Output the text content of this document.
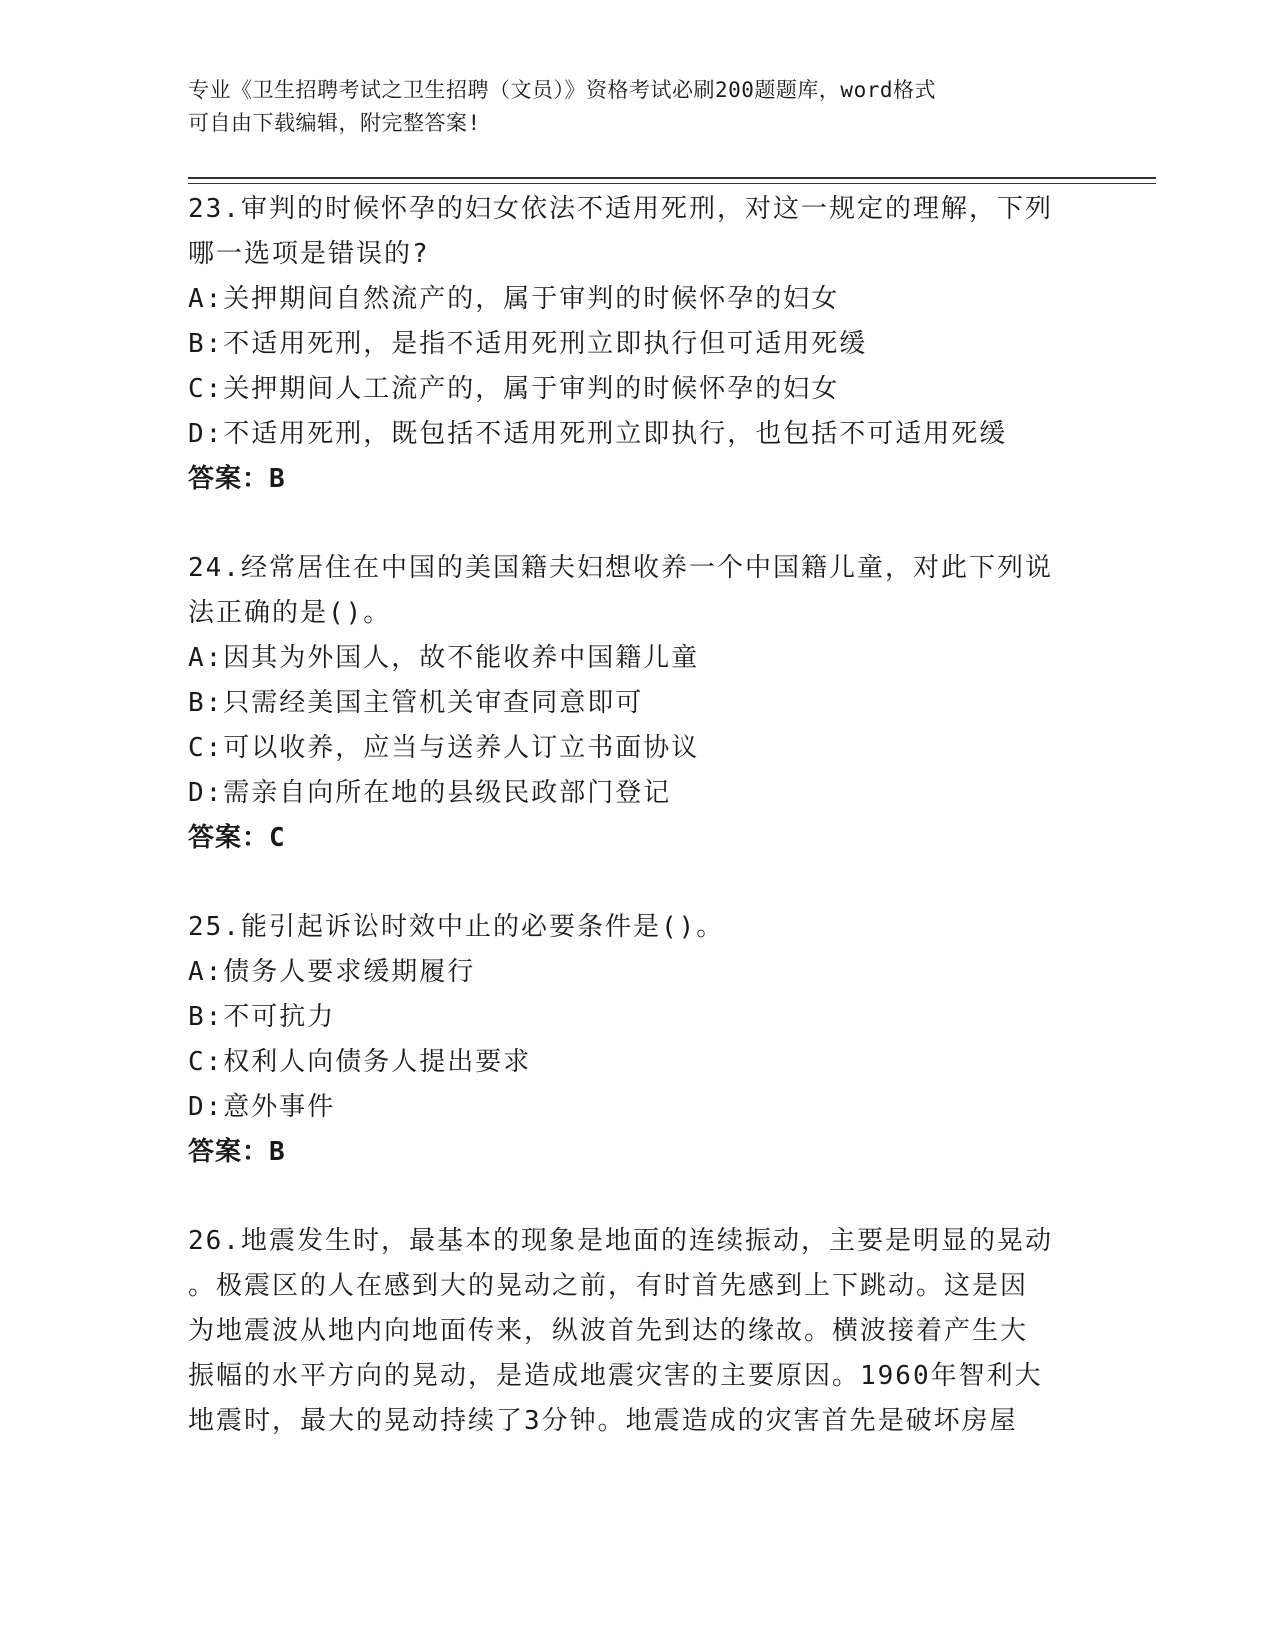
专业《卫生招聘考试之卫生招聘（文员）》资格考试必刷200题题库，word格式
可自由下载编辑，附完整答案!

23.审判的时候怀孕的妇女依法不适用死刑，对这一规定的理解，下列
哪一选项是错误的?

A:关押期间自然流产的，属于审判的时候怀孕的妇女

B:不适用死刑，是指不适用死刑立即执行但可适用死缓

C:关押期间人工流产的，属于审判的时候怀孕的妇女

D:不适用死刑，既包括不适用死刑立即执行，也包括不可适用死缓

答案：B

24.经常居住在中国的美国籍夫妇想收养一个中国籍儿童，对此下列说
法正确的是()。

A:因其为外国人，故不能收养中国籍儿童

B:只需经美国主管机关审查同意即可

C:可以收养，应当与送养人订立书面协议

D:需亲自向所在地的县级民政部门登记

答案：C

25.能引起诉讼时效中止的必要条件是()。

A:债务人要求缓期履行

B:不可抗力

C:权利人向债务人提出要求

D:意外事件

答案：B

26.地震发生时，最基本的现象是地面的连续振动，主要是明显的晃动
。极震区的人在感到大的晃动之前，有时首先感到上下跳动。这是因
为地震波从地内向地面传来，纵波首先到达的缘故。横波接着产生大
振幅的水平方向的晃动，是造成地震灾害的主要原因。1960年智利大
地震时，最大的晃动持续了3分钟。地震造成的灾害首先是破坏房屋
